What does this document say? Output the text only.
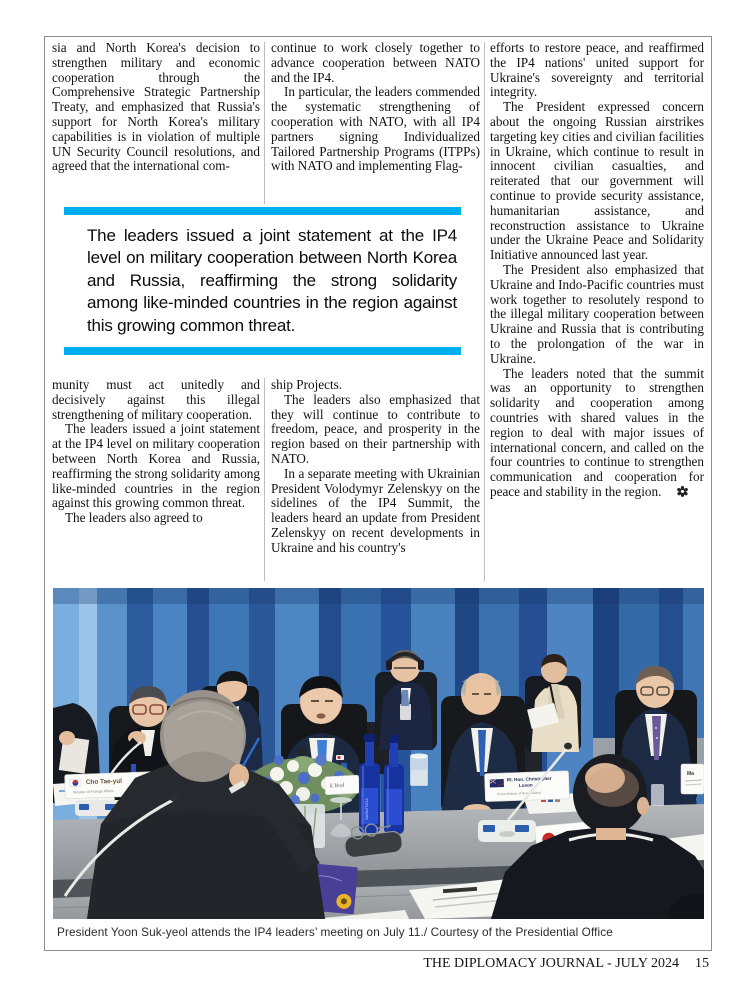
sia and North Korea's decision to strengthen military and economic cooperation through the Comprehensive Strategic Partnership Treaty, and emphasized that Russia's support for North Korea's military capabilities is in violation of multiple UN Security Council resolutions, and agreed that the international com-

continue to work closely together to advance cooperation between NATO and the IP4.

In particular, the leaders commended the systematic strengthening of cooperation with NATO, with all IP4 partners signing Individualized Tailored Partnership Programs (ITPPs) with NATO and implementing Flag-

efforts to restore peace, and reaffirmed the IP4 nations' united support for Ukraine's sovereignty and territorial integrity.

The President expressed concern about the ongoing Russian airstrikes targeting key cities and civilian facilities in Ukraine, which continue to result in innocent civilian casualties, and reiterated that our government will continue to provide security assistance, humanitarian assistance, and reconstruction assistance to Ukraine under the Ukraine Peace and Solidarity Initiative announced last year.

The President also emphasized that Ukraine and Indo-Pacific countries must work together to resolutely respond to the illegal military cooperation between Ukraine and Russia that is contributing to the prolongation of the war in Ukraine.

The leaders noted that the summit was an opportunity to strengthen solidarity and cooperation among countries with shared values in the region to deal with major issues of international concern, and called on the four countries to continue to strengthen communication and cooperation for peace and stability in the region.

The leaders issued a joint statement at the IP4 level on military cooperation between North Korea and Russia, reaffirming the strong solidarity among like-minded countries in the region against this growing common threat.

munity must act unitedly and decisively against this illegal strengthening of military cooperation.

The leaders issued a joint statement at the IP4 level on military cooperation between North Korea and Russia, reaffirming the strong solidarity among like-minded countries in the region against this growing common threat.

The leaders also agreed to

ship Projects.

The leaders also emphasized that they will continue to contribute to freedom, peace, and prosperity in the region based on their partnership with NATO.

In a separate meeting with Ukrainian President Volodymyr Zelenskyy on the sidelines of the IP4 Summit, the leaders heard an update from President Zelenskyy on recent developments in Ukraine and his country's

Cho Tae-yul
Minister of Foreign Affairs
k Yeol
SARATOGA
Rt. Hon. Christopher
Luxon
Prime Minister of New Zealand
Ma
President Yoon Suk-yeol attends the IP4 leaders’ meeting on July 11./ Courtesy of the Presidential Office
THE DIPLOMACY JOURNAL - JULY 2024 15
